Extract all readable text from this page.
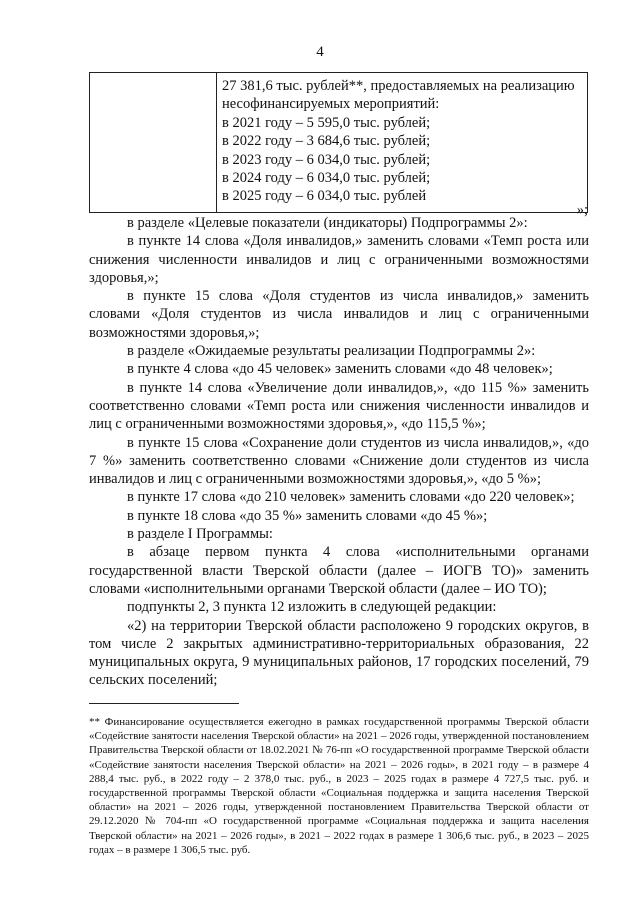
4

27 381,6 тыс. рублей**, предоставляемых на реализацию
несофинансируемых мероприятий:
в 2021 году – 5 595,0 тыс. рублей;
в 2022 году – 3 684,6 тыс. рублей;
в 2023 году – 6 034,0 тыс. рублей;
в 2024 году – 6 034,0 тыс. рублей;
в 2025 году – 6 034,0 тыс. рублей
»;

в разделе «Целевые показатели (индикаторы) Подпрограммы 2»:

в пункте 14 слова «Доля инвалидов,» заменить словами «Темп роста или снижения численности инвалидов и лиц с ограниченными возможностями здоровья,»;

в пункте 15 слова «Доля студентов из числа инвалидов,» заменить словами «Доля студентов из числа инвалидов и лиц с ограниченными возможностями здоровья,»;

в разделе «Ожидаемые результаты реализации Подпрограммы 2»:

в пункте 4 слова «до 45 человек» заменить словами «до 48 человек»;

в пункте 14 слова «Увеличение доли инвалидов,», «до 115 %» заменить соответственно словами «Темп роста или снижения численности инвалидов и лиц с ограниченными возможностями здоровья,», «до 115,5 %»;

в пункте 15 слова «Сохранение доли студентов из числа инвалидов,», «до 7 %» заменить соответственно словами «Снижение доли студентов из числа инвалидов и лиц с ограниченными возможностями здоровья,», «до 5 %»;

в пункте 17 слова «до 210 человек» заменить словами «до 220 человек»;

в пункте 18 слова «до 35 %» заменить словами «до 45 %»;

в разделе I Программы:

в абзаце первом пункта 4 слова «исполнительными органами государственной власти Тверской области (далее – ИОГВ ТО)» заменить словами «исполнительными органами Тверской области (далее – ИО ТО);

подпункты 2, 3 пункта 12 изложить в следующей редакции:

«2) на территории Тверской области расположено 9 городских округов, в том числе 2 закрытых административно-территориальных образования, 22 муниципальных округа, 9 муниципальных районов, 17 городских поселений, 79 сельских поселений;

** Финансирование осуществляется ежегодно в рамках государственной программы Тверской области «Содействие занятости населения Тверской области» на 2021 – 2026 годы, утвержденной постановлением Правительства Тверской области от 18.02.2021 № 76-пп «О государственной программе Тверской области «Содействие занятости населения Тверской области» на 2021 – 2026 годы», в 2021 году – в размере 4 288,4 тыс. руб., в 2022 году – 2 378,0 тыс. руб., в 2023 – 2025 годах в размере 4 727,5 тыс. руб. и государственной программы Тверской области «Социальная поддержка и защита населения Тверской области» на 2021 – 2026 годы, утвержденной постановлением Правительства Тверской области от 29.12.2020 № 704-пп «О государственной программе «Социальная поддержка и защита населения Тверской области» на 2021 – 2026 годы», в 2021 – 2022 годах в размере 1 306,6 тыс. руб., в 2023 – 2025 годах – в размере 1 306,5 тыс. руб.
